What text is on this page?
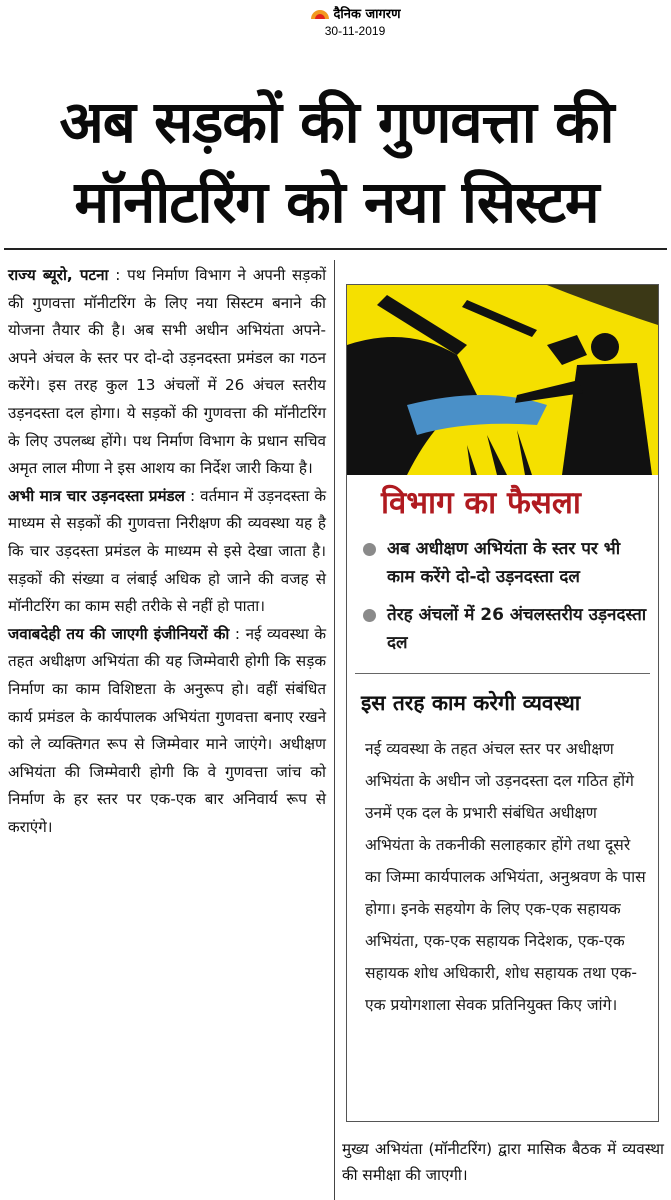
दैनिक जागरण
30-11-2019
अब सड़कों की गुणवत्ता की
मॉनीटरिंग को नया सिस्टम

राज्य ब्यूरो, पटना : पथ निर्माण विभाग ने अपनी सड़कों की गुणवत्ता मॉनीटरिंग के लिए नया सिस्टम बनाने की योजना तैयार की है। अब सभी अधीन अभियंता अपने-अपने अंचल के स्तर पर दो-दो उड़नदस्ता प्रमंडल का गठन करेंगे। इस तरह कुल 13 अंचलों में 26 अंचल स्तरीय उड़नदस्ता दल होगा। ये सड़कों की गुणवत्ता की मॉनीटरिंग के लिए उपलब्ध होंगे। पथ निर्माण विभाग के प्रधान सचिव अमृत लाल मीणा ने इस आशय का निर्देश जारी किया है।

अभी मात्र चार उड़नदस्ता प्रमंडल : वर्तमान में उड़नदस्ता के माध्यम से सड़कों की गुणवत्ता निरीक्षण की व्यवस्था यह है कि चार उड़दस्ता प्रमंडल के माध्यम से इसे देखा जाता है। सड़कों की संख्या व लंबाई अधिक हो जाने की वजह से मॉनीटरिंग का काम सही तरीके से नहीं हो पाता।

जवाबदेही तय की जाएगी इंजीनियरों की : नई व्यवस्था के तहत अधीक्षण अभियंता की यह जिम्मेवारी होगी कि सड़क निर्माण का काम विशिष्टता के अनुरूप हो। वहीं संबंधित कार्य प्रमंडल के कार्यपालक अभियंता गुणवत्ता बनाए रखने को ले व्यक्तिगत रूप से जिम्मेवार माने जाएंगे। अधीक्षण अभियंता की जिम्मेवारी होगी कि वे गुणवत्ता जांच को निर्माण के हर स्तर पर एक-एक बार अनिवार्य रूप से कराएंगे।

विभाग का फैसला
अब अधीक्षण अभियंता के स्तर पर भी काम करेंगे दो-दो उड़नदस्ता दल
तेरह अंचलों में 26 अंचलस्तरीय उड़नदस्ता दल
इस तरह काम करेगी व्यवस्था
नई व्यवस्था के तहत अंचल स्तर पर अधीक्षण अभियंता के अधीन जो उड़नदस्ता दल गठित होंगे उनमें एक दल के प्रभारी संबंधित अधीक्षण अभियंता के तकनीकी सलाहकार होंगे तथा दूसरे का जिम्मा कार्यपालक अभियंता, अनुश्रवण के पास होगा। इनके सहयोग के लिए एक-एक सहायक अभियंता, एक-एक सहायक निदेशक, एक-एक सहायक शोध अधिकारी, शोध सहायक तथा एक-एक प्रयोगशाला सेवक प्रतिनियुक्त किए जांगे।
मुख्य अभियंता (मॉनीटरिंग) द्वारा मासिक बैठक में व्यवस्था की समीक्षा की जाएगी।
